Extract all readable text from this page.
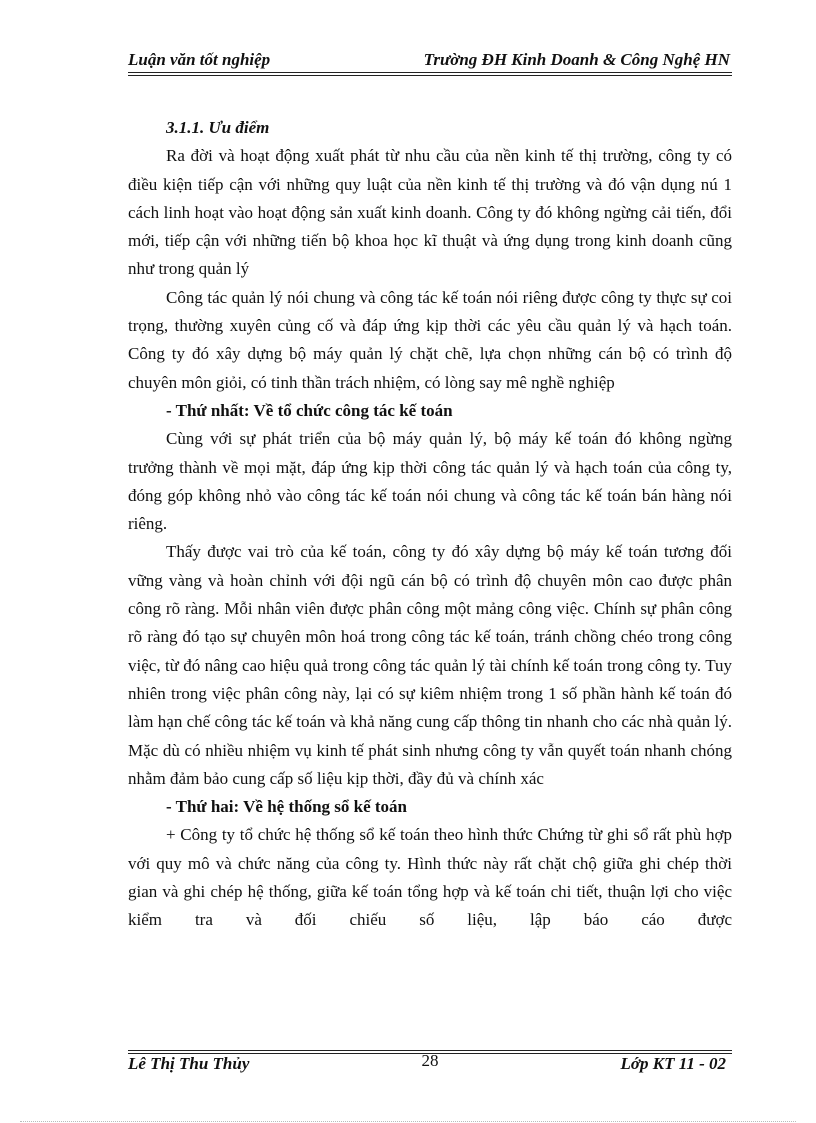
Luận văn tốt nghiệp	Trường ĐH Kinh Doanh & Công Nghệ HN

3.1.1. Ưu điểm

Ra đời và hoạt động xuất phát từ nhu cầu của nền kinh tế thị trường, công ty có điều kiện tiếp cận với những quy luật của nền kinh tế thị trường và đó vận dụng nú 1 cách linh hoạt vào hoạt động sản xuất kinh doanh. Công ty đó không ngừng cải tiến, đổi mới, tiếp cận với những tiến bộ khoa học kĩ thuật và ứng dụng trong kinh doanh cũng như trong quản lý

Công tác quản lý nói chung và công tác kế toán nói riêng được công ty thực sự coi trọng, thường xuyên củng cố và đáp ứng kịp thời các yêu cầu quản lý và hạch toán. Công ty đó xây dựng bộ máy quản lý chặt chẽ, lựa chọn những cán bộ có trình độ chuyên môn giỏi, có tinh thần trách nhiệm, có lòng say mê nghề nghiệp

- Thứ nhất: Về tổ chức công tác kế toán

Cùng với sự phát triển của bộ máy quản lý, bộ máy kế toán đó không ngừng trưởng thành về mọi mặt, đáp ứng kịp thời công tác quản lý và hạch toán của công ty, đóng góp không nhỏ vào công tác kế toán nói chung và công tác kế toán bán hàng nói riêng.

Thấy được vai trò của kế toán, công ty đó xây dựng bộ máy kế toán tương đối vững vàng và hoàn chỉnh với đội ngũ cán bộ có trình độ chuyên môn cao được phân công rõ ràng. Mỗi nhân viên được phân công một mảng công việc. Chính sự phân công rõ ràng đó tạo sự chuyên môn hoá trong công tác kế toán, tránh chồng chéo trong công việc, từ đó nâng cao hiệu quả trong công tác quản lý tài chính kế toán trong công ty. Tuy nhiên trong việc phân công này, lại có sự kiêm nhiệm trong 1 số phần hành kế toán đó làm hạn chế công tác kế toán và khả năng cung cấp thông tin nhanh cho các nhà quản lý. Mặc dù có nhiều nhiệm vụ kinh tế phát sinh nhưng công ty vẫn quyết toán nhanh chóng nhằm đảm bảo cung cấp số liệu kịp thời, đầy đủ và chính xác

- Thứ hai: Về hệ thống sổ kế toán

+ Công ty tổ chức hệ thống sổ kế toán theo hình thức Chứng từ ghi sổ rất phù hợp với quy mô và chức năng của công ty. Hình thức này rất chặt chộ giữa ghi chép thời gian và ghi chép hệ thống, giữa kế toán tổng hợp và kế toán chi tiết, thuận lợi cho việc kiểm tra và đối chiếu số liệu, lập báo cáo được

Lê Thị Thu Thủy	28	Lớp KT 11 - 02
